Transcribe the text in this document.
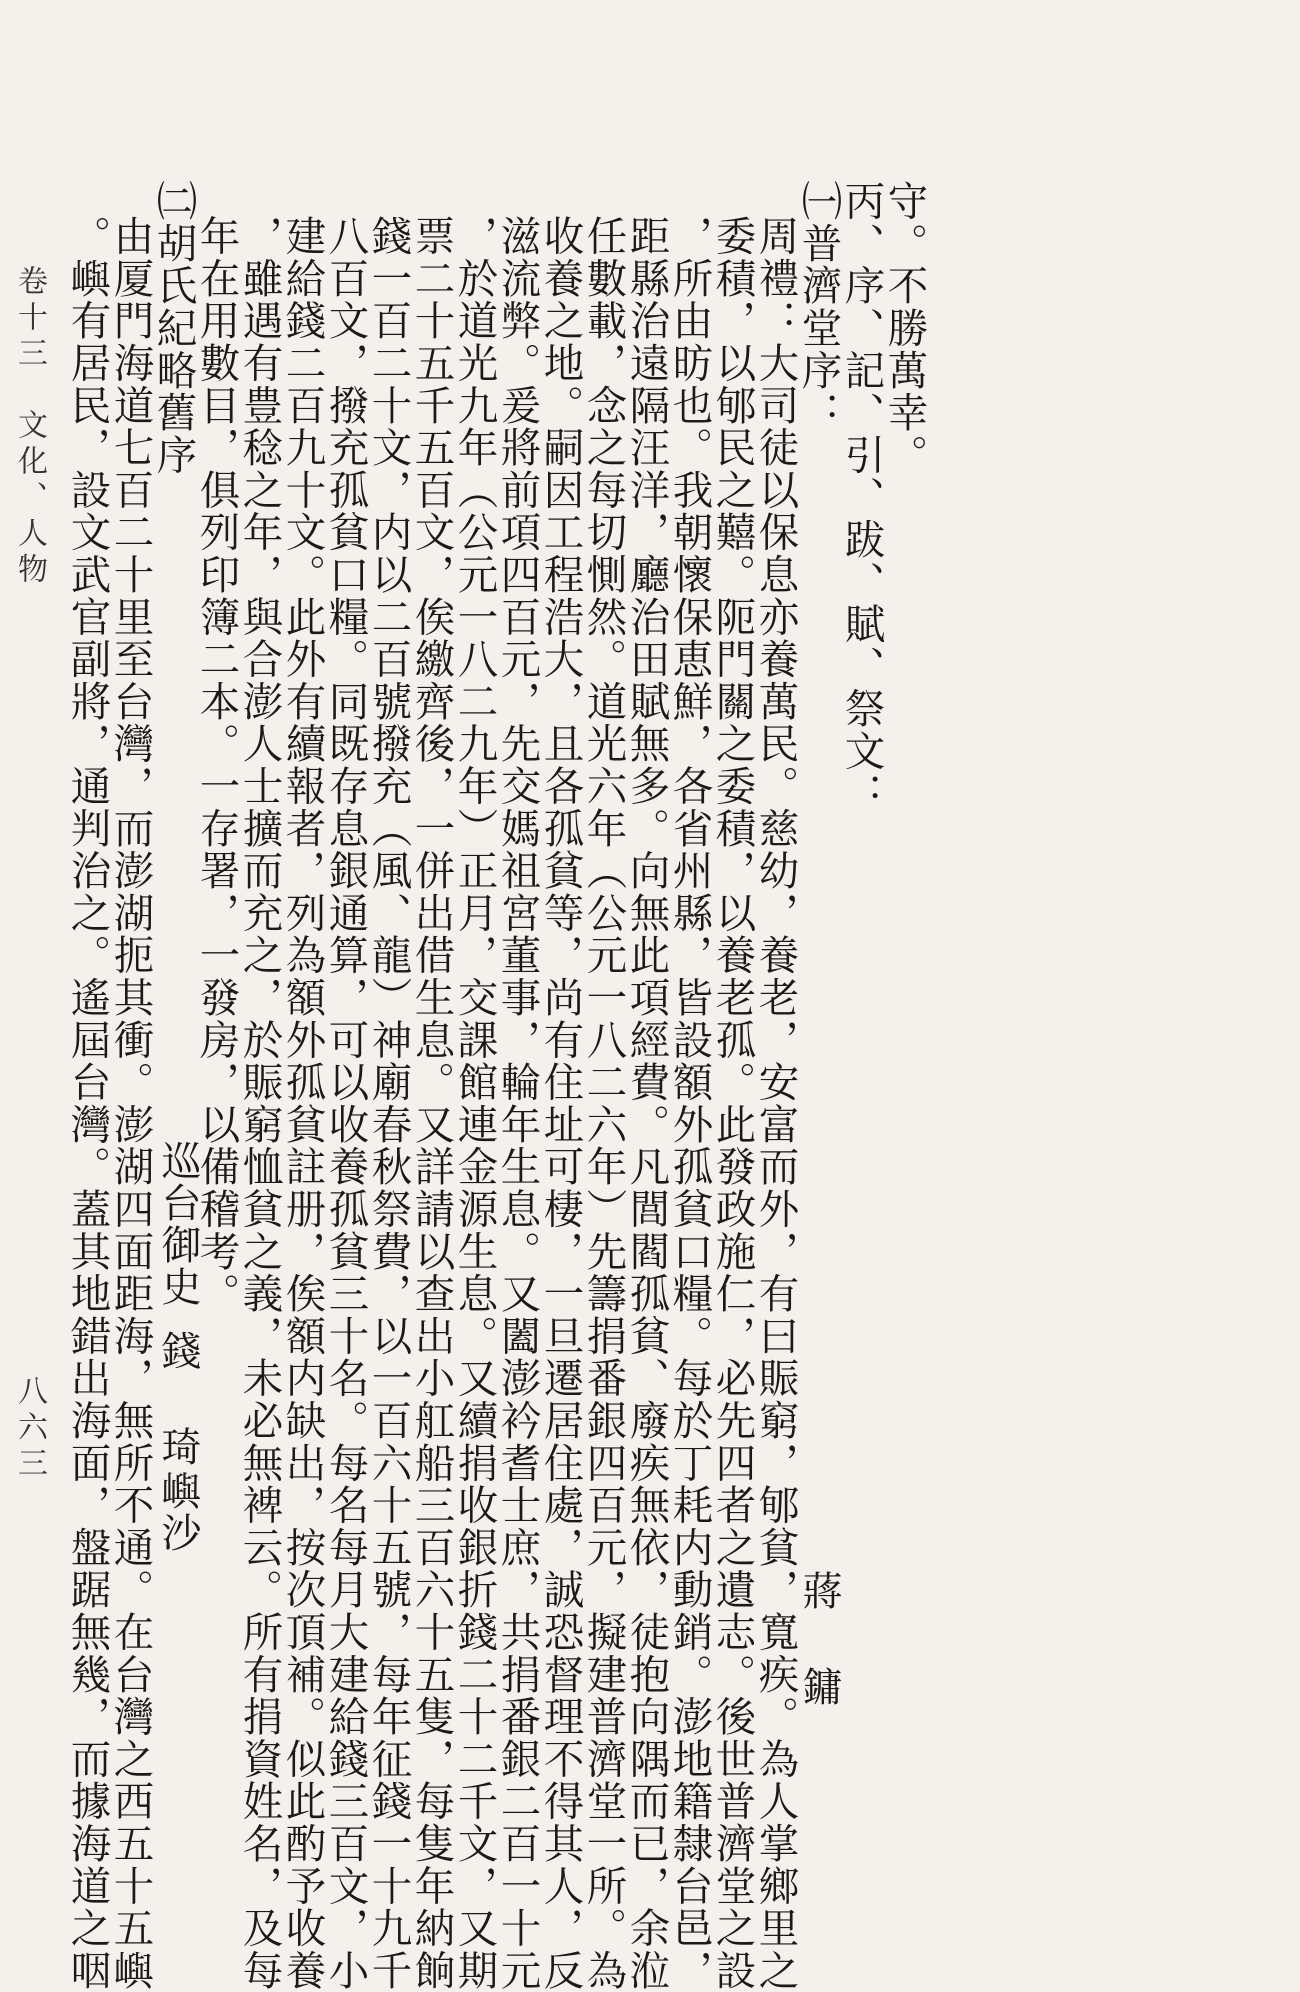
守。不勝萬幸。
丙、序、記、引、跋、賦、祭文：
㈠普濟堂序：
周禮：大司徒以保息亦養萬民。慈幼，養老，安富而外，有曰賑窮，郇貧，寬疾。為人掌鄉里之
委積，以郇民之囏。阨門關之委積，以養老孤。此發政施仁，必先四者之遺志。後世普濟堂之設
，所由昉也。我朝懷保恵鮮，各省州縣，皆設額外孤貧口糧。每於丁耗内動銷。澎地籍隸台邑，
距縣治遠隔汪洋，廳治田賦無多。向無此項經費。凡閭閻孤貧、廢疾無依，徒抱向隅而已，余涖
任數載，念之每切惻然。道光六年（公元一八二六年）先籌捐番銀四百元，擬建普濟堂一所。為
收養之地。嗣因工程浩大，且各孤貧等，尚有住址可棲，一旦遷居住處，誠恐督理不得其人，反
滋流弊。爰將前項四百元，先交媽祖宮董事，輪年生息。又闔澎衿耆士庶，共捐番銀二百一十元
，於道光九年（公元一八二九年）正月，交課館連金源生息。又續捐收銀折錢二十二千文，又期
票二十五千五百文，俟繳齊後，一併出借生息。又詳請以查出小舡船三百六十五隻，每隻年納餉
錢一百二十文，内以二百號撥充（風、龍）神廟春秋祭費，以一百六十五號，每年征錢一十九千
八百文，撥充孤貧口糧。同既存息銀通算，可以收養孤貧三十名。每名每月大建給錢三百文，小
建給錢二百九十文。此外有續報者，列為額外孤貧註册，俟額内缺出，按次頂補。似此酌予收養
，雖遇有豊稔之年，與合澎人士擴而充之，於賑窮恤貧之義，未必無裨云。所有捐資姓名，及每
年在用數目，俱列印簿二本。一存署，一發房，以備稽考。
㈡胡氏紀略舊序
由厦門海道七百二十里至台灣，而澎湖扼其衝。澎湖四面距海，無所不通。在台灣之西五十五嶼
。嶼有居民，設文武官副將，通判治之。遙屆台灣。蓋其地錯出海面，盤踞無幾，而據海道之咽	蔣　鏞
巡台御史
錢　琦
嶼沙
卷十三　文化、人物
八六三
